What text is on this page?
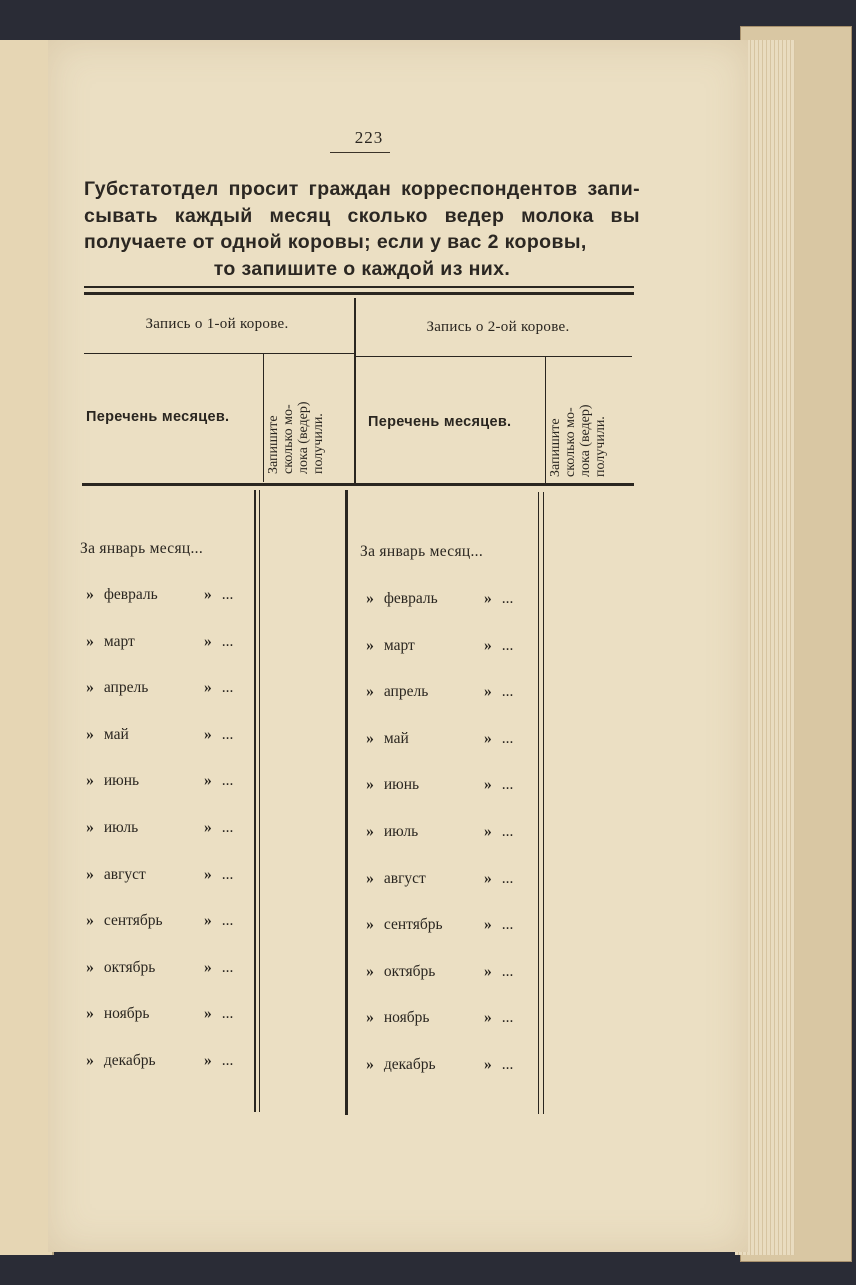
223
Губстатотдел просит граждан корреспондентов запи- сывать каждый месяц сколько ведер молока вы получаете от одной коровы; если у вас 2 коровы,
то запишите о каждой из них.
Запись о 1-ой корове.	Запись о 2-ой корове.
Перечень месяцев.	Перечень месяцев.
Запишите сколько мо- лока (ведер) получили.	Запишите сколько мо- лока (ведер) получили.
За январь месяц...
» февраль	» ...
» март	» ...
» апрель	» ...
» май	» ...
» июнь	» ...
» июль	» ...
» август	» ...
» сентябрь	» ...
» октябрь	» ...
» ноябрь	» ...
» декабрь	» ...
За январь месяц...
» февраль	» ...
» март	» ...
» апрель	» ...
» май	» ...
» июнь	» ...
» июль	» ...
» август	» ...
» сентябрь	» ...
» октябрь	» ...
» ноябрь	» ...
» декабрь	» ...
